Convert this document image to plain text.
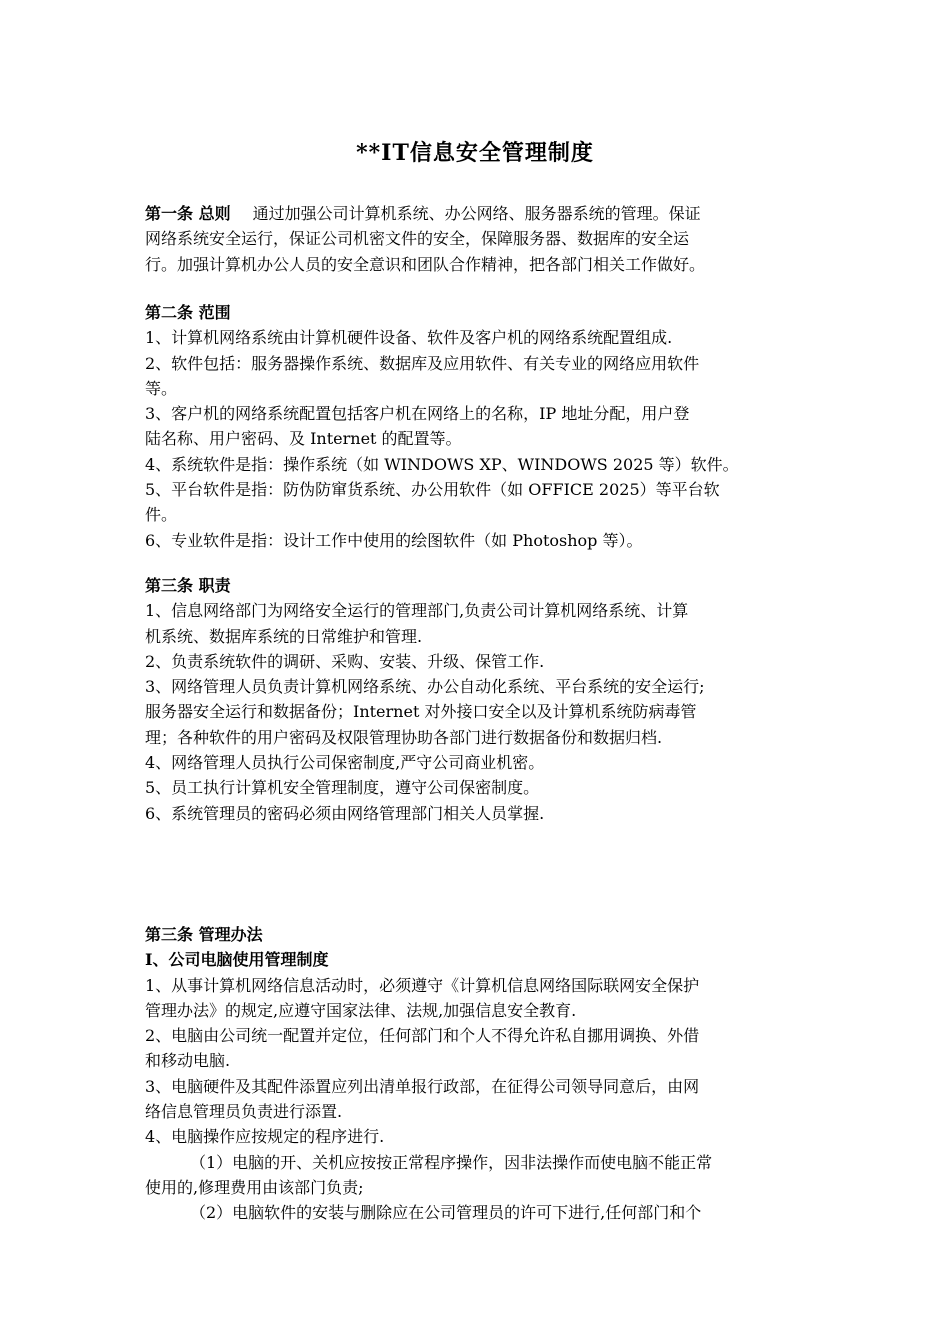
**IT信息安全管理制度

第一条 总则 通过加强公司计算机系统、办公网络、服务器系统的管理。保证

网络系统安全运行，保证公司机密文件的安全，保障服务器、数据库的安全运

行。加强计算机办公人员的安全意识和团队合作精神，把各部门相关工作做好。

第二条 范围

1、计算机网络系统由计算机硬件设备、软件及客户机的网络系统配置组成.

2、软件包括：服务器操作系统、数据库及应用软件、有关专业的网络应用软件

等。

3、客户机的网络系统配置包括客户机在网络上的名称，IP 地址分配，用户登

陆名称、用户密码、及 Internet 的配置等。

4、系统软件是指：操作系统（如 WINDOWS XP、WINDOWS 2025 等）软件。

5、平台软件是指：防伪防窜货系统、办公用软件（如 OFFICE 2025）等平台软

件。

6、专业软件是指：设计工作中使用的绘图软件（如 Photoshop 等）。

第三条 职责

1、信息网络部门为网络安全运行的管理部门,负责公司计算机网络系统、计算

机系统、数据库系统的日常维护和管理.

2、负责系统软件的调研、采购、安装、升级、保管工作.

3、网络管理人员负责计算机网络系统、办公自动化系统、平台系统的安全运行;

服务器安全运行和数据备份；Internet 对外接口安全以及计算机系统防病毒管

理；各种软件的用户密码及权限管理协助各部门进行数据备份和数据归档.

4、网络管理人员执行公司保密制度,严守公司商业机密。

5、员工执行计算机安全管理制度，遵守公司保密制度。

6、系统管理员的密码必须由网络管理部门相关人员掌握.

第三条 管理办法

I、公司电脑使用管理制度

1、从事计算机网络信息活动时，必须遵守《计算机信息网络国际联网安全保护

管理办法》的规定,应遵守国家法律、法规,加强信息安全教育.

2、电脑由公司统一配置并定位，任何部门和个人不得允许私自挪用调换、外借

和移动电脑.

3、电脑硬件及其配件添置应列出清单报行政部，在征得公司领导同意后，由网

络信息管理员负责进行添置.

4、电脑操作应按规定的程序进行.

（1）电脑的开、关机应按按正常程序操作，因非法操作而使电脑不能正常

使用的,修理费用由该部门负责;

（2）电脑软件的安装与删除应在公司管理员的许可下进行,任何部门和个
